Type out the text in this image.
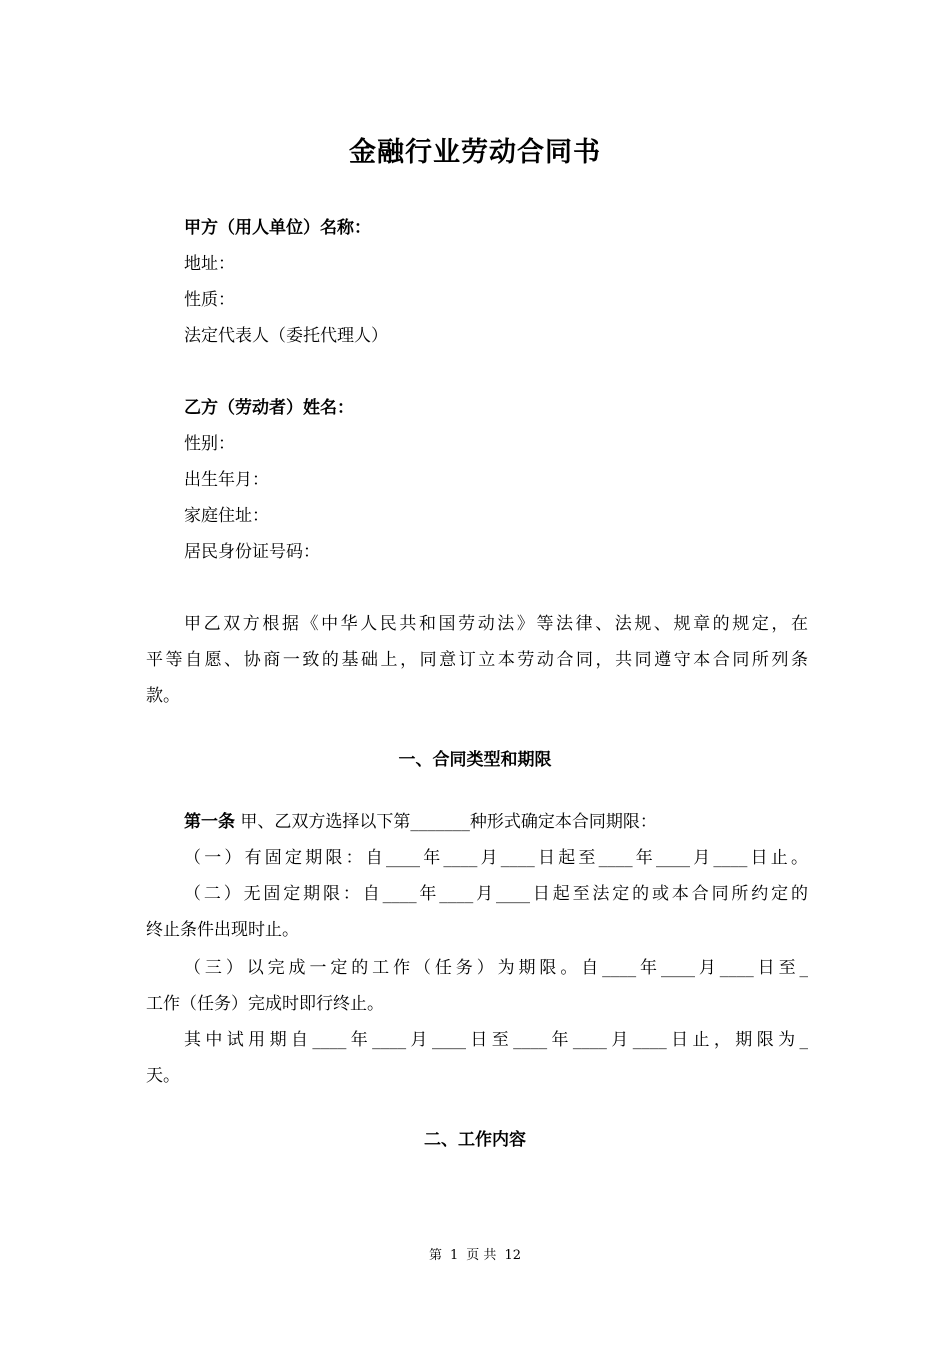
金融行业劳动合同书
甲方（用人单位）名称：
地址：
性质：
法定代表人（委托代理人）
乙方（劳动者）姓名：
性别：
出生年月：
家庭住址：
居民身份证号码：
甲乙双方根据《中华人民共和国劳动法》等法律、法规、规章的规定，在
平等自愿、协商一致的基础上，同意订立本劳动合同，共同遵守本合同所列条
款。
一、合同类型和期限
第一条 甲、乙双方选择以下第_______种形式确定本合同期限：
（一）有固定期限：自____年____月____日起至____年____月____日止。
（二）无固定期限：自____年____月____日起至法定的或本合同所约定的
终止条件出现时止。
（三）以完成一定的工作（任务）为期限。自____年____月____日至_
工作（任务）完成时即行终止。
其中试用期自____年____月____日至____年____月____日止，期限为_
天。
二、工作内容
第 1 页 共 12
